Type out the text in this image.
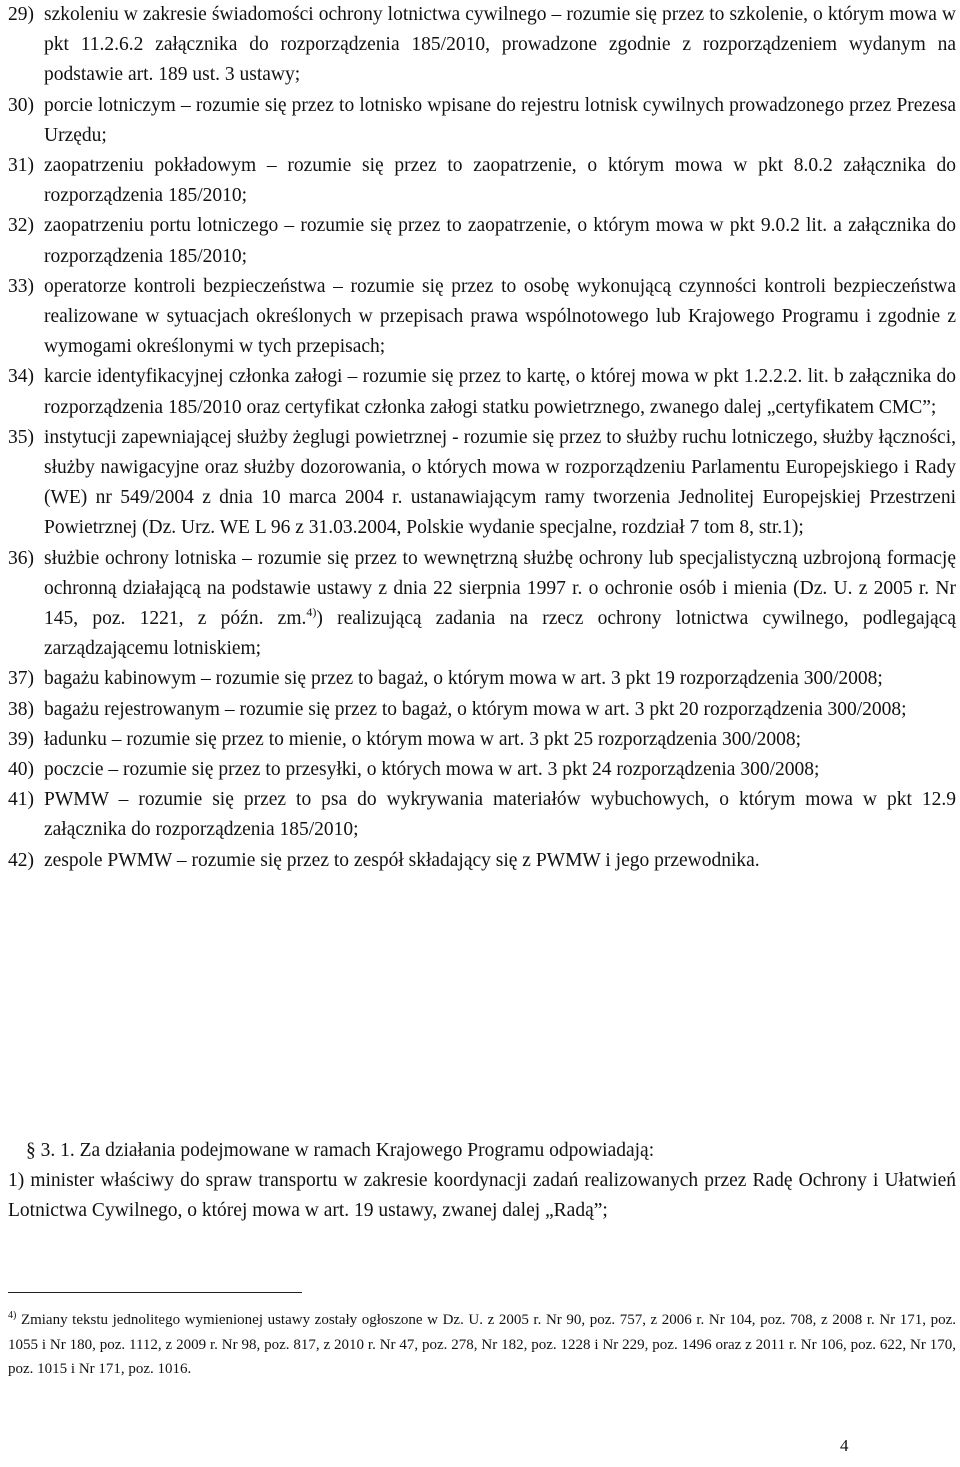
29) szkoleniu w zakresie świadomości ochrony lotnictwa cywilnego – rozumie się przez to szkolenie, o którym mowa w pkt 11.2.6.2 załącznika do rozporządzenia 185/2010, prowadzone zgodnie z rozporządzeniem wydanym na podstawie art. 189 ust. 3 ustawy;
30) porcie lotniczym – rozumie się przez to lotnisko wpisane do rejestru lotnisk cywilnych prowadzonego przez Prezesa Urzędu;
31) zaopatrzeniu pokładowym – rozumie się przez to zaopatrzenie, o którym mowa w pkt 8.0.2 załącznika do rozporządzenia 185/2010;
32) zaopatrzeniu portu lotniczego – rozumie się przez to zaopatrzenie, o którym mowa w pkt 9.0.2 lit. a załącznika do rozporządzenia 185/2010;
33) operatorze kontroli bezpieczeństwa – rozumie się przez to osobę wykonującą czynności kontroli bezpieczeństwa realizowane w sytuacjach określonych w przepisach prawa wspólnotowego lub Krajowego Programu i zgodnie z wymogami określonymi w tych przepisach;
34) karcie identyfikacyjnej członka załogi – rozumie się przez to kartę, o której mowa w pkt 1.2.2.2. lit. b załącznika do rozporządzenia 185/2010 oraz certyfikat członka załogi statku powietrznego, zwanego dalej „certyfikatem CMC”;
35) instytucji zapewniającej służby żeglugi powietrznej - rozumie się przez to służby ruchu lotniczego, służby łączności, służby nawigacyjne oraz służby dozorowania, o których mowa w rozporządzeniu Parlamentu Europejskiego i Rady (WE) nr 549/2004 z dnia 10 marca 2004 r. ustanawiającym ramy tworzenia Jednolitej Europejskiej Przestrzeni Powietrznej (Dz. Urz. WE L 96 z 31.03.2004, Polskie wydanie specjalne, rozdział 7 tom 8, str.1);
36) służbie ochrony lotniska – rozumie się przez to wewnętrzną służbę ochrony lub specjalistyczną uzbrojoną formację ochronną działającą na podstawie ustawy z dnia 22 sierpnia 1997 r. o ochronie osób i mienia (Dz. U. z 2005 r. Nr 145, poz. 1221, z późn. zm.$^{4)}$) realizującą zadania na rzecz ochrony lotnictwa cywilnego, podlegającą zarządzającemu lotniskiem;
37) bagażu kabinowym – rozumie się przez to bagaż, o którym mowa w art. 3 pkt 19 rozporządzenia 300/2008;
38) bagażu rejestrowanym – rozumie się przez to bagaż, o którym mowa w art. 3 pkt 20 rozporządzenia 300/2008;
39) ładunku – rozumie się przez to mienie, o którym mowa w art. 3 pkt 25 rozporządzenia 300/2008;
40) poczcie – rozumie się przez to przesyłki, o których mowa w art. 3 pkt 24 rozporządzenia 300/2008;
41) PWMW – rozumie się przez to psa do wykrywania materiałów wybuchowych, o którym mowa w pkt 12.9 załącznika do rozporządzenia 185/2010;
42) zespole PWMW – rozumie się przez to zespół składający się z PWMW i jego przewodnika.

§ 3. 1. Za działania podejmowane w ramach Krajowego Programu odpowiadają:

1) minister właściwy do spraw transportu w zakresie koordynacji zadań realizowanych przez Radę Ochrony i Ułatwień Lotnictwa Cywilnego, o której mowa w art. 19 ustawy, zwanej dalej „Radą”;

$^{4)}$ Zmiany tekstu jednolitego wymienionej ustawy zostały ogłoszone w Dz. U. z 2005 r. Nr 90, poz. 757, z 2006 r. Nr 104, poz. 708, z 2008 r. Nr 171, poz. 1055 i Nr 180, poz. 1112, z 2009 r. Nr 98, poz. 817, z 2010 r. Nr 47, poz. 278, Nr 182, poz. 1228 i Nr 229, poz. 1496 oraz z 2011 r. Nr 106, poz. 622, Nr 170, poz. 1015 i Nr 171, poz. 1016.
4
